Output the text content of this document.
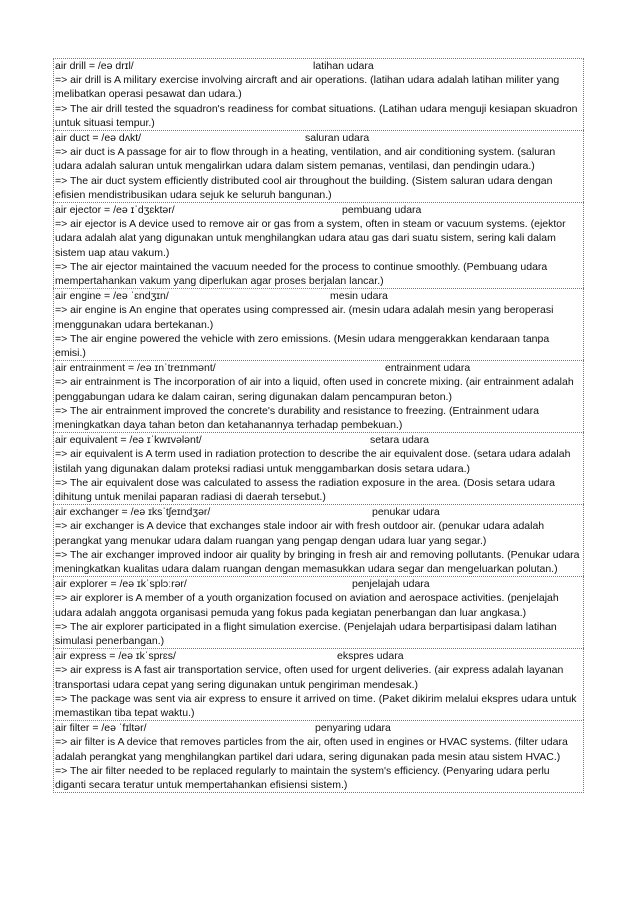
air drill = /eə drɪl/	latihan udara
=> air drill is A military exercise involving aircraft and air operations. (latihan udara adalah latihan militer yang melibatkan operasi pesawat dan udara.)
=> The air drill tested the squadron's readiness for combat situations. (Latihan udara menguji kesiapan skuadron untuk situasi tempur.)
air duct = /eə dʌkt/	saluran udara
=> air duct is A passage for air to flow through in a heating, ventilation, and air conditioning system. (saluran udara adalah saluran untuk mengalirkan udara dalam sistem pemanas, ventilasi, dan pendingin udara.)
=> The air duct system efficiently distributed cool air throughout the building. (Sistem saluran udara dengan efisien mendistribusikan udara sejuk ke seluruh bangunan.)
air ejector = /eə ɪˈdʒɛktər/	pembuang udara
=> air ejector is A device used to remove air or gas from a system, often in steam or vacuum systems. (ejektor udara adalah alat yang digunakan untuk menghilangkan udara atau gas dari suatu sistem, sering kali dalam sistem uap atau vakum.)
=> The air ejector maintained the vacuum needed for the process to continue smoothly. (Pembuang udara mempertahankan vakum yang diperlukan agar proses berjalan lancar.)
air engine = /eə ˈɛndʒɪn/	mesin udara
=> air engine is An engine that operates using compressed air. (mesin udara adalah mesin yang beroperasi menggunakan udara bertekanan.)
=> The air engine powered the vehicle with zero emissions. (Mesin udara menggerakkan kendaraan tanpa emisi.)
air entrainment = /eə ɪnˈtreɪnmənt/	entrainment udara
=> air entrainment is The incorporation of air into a liquid, often used in concrete mixing. (air entrainment adalah penggabungan udara ke dalam cairan, sering digunakan dalam pencampuran beton.)
=> The air entrainment improved the concrete's durability and resistance to freezing. (Entrainment udara meningkatkan daya tahan beton dan ketahanannya terhadap pembekuan.)
air equivalent = /eə ɪˈkwɪvələnt/	setara udara
=> air equivalent is A term used in radiation protection to describe the air equivalent dose. (setara udara adalah istilah yang digunakan dalam proteksi radiasi untuk menggambarkan dosis setara udara.)
=> The air equivalent dose was calculated to assess the radiation exposure in the area. (Dosis setara udara dihitung untuk menilai paparan radiasi di daerah tersebut.)
air exchanger = /eə ɪksˈtʃeɪndʒər/	penukar udara
=> air exchanger is A device that exchanges stale indoor air with fresh outdoor air. (penukar udara adalah perangkat yang menukar udara dalam ruangan yang pengap dengan udara luar yang segar.)
=> The air exchanger improved indoor air quality by bringing in fresh air and removing pollutants. (Penukar udara meningkatkan kualitas udara dalam ruangan dengan memasukkan udara segar dan mengeluarkan polutan.)
air explorer = /eə ɪkˈsplɔːrər/	penjelajah udara
=> air explorer is A member of a youth organization focused on aviation and aerospace activities. (penjelajah udara adalah anggota organisasi pemuda yang fokus pada kegiatan penerbangan dan luar angkasa.)
=> The air explorer participated in a flight simulation exercise. (Penjelajah udara berpartisipasi dalam latihan simulasi penerbangan.)
air express = /eə ɪkˈsprɛs/	ekspres udara
=> air express is A fast air transportation service, often used for urgent deliveries. (air express adalah layanan transportasi udara cepat yang sering digunakan untuk pengiriman mendesak.)
=> The package was sent via air express to ensure it arrived on time. (Paket dikirim melalui ekspres udara untuk memastikan tiba tepat waktu.)
air filter = /eə ˈfɪltər/	penyaring udara
=> air filter is A device that removes particles from the air, often used in engines or HVAC systems. (filter udara adalah perangkat yang menghilangkan partikel dari udara, sering digunakan pada mesin atau sistem HVAC.)
=> The air filter needed to be replaced regularly to maintain the system's efficiency. (Penyaring udara perlu diganti secara teratur untuk mempertahankan efisiensi sistem.)
